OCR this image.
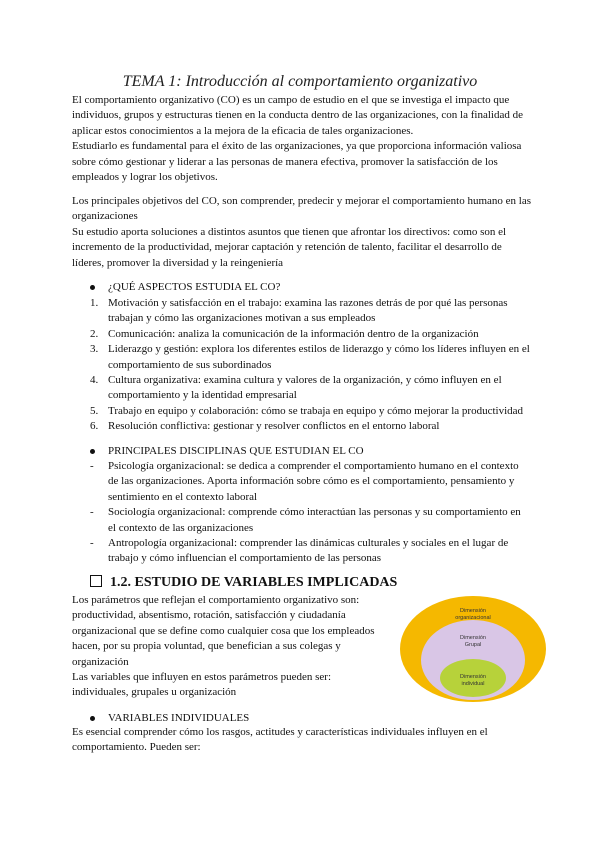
TEMA 1: Introducción al comportamiento organizativo

El comportamiento organizativo (CO) es un campo de estudio en el que se investiga el impacto que individuos, grupos y estructuras tienen en la conducta dentro de las organizaciones, con la finalidad de aplicar estos conocimientos a la mejora de la eficacia de tales organizaciones.

Estudiarlo es fundamental para el éxito de las organizaciones, ya que proporciona información valiosa sobre cómo gestionar y liderar a las personas de manera efectiva, promover la satisfacción de los empleados y lograr los objetivos.

Los principales objetivos del CO, son comprender, predecir y mejorar el comportamiento humano en las organizaciones

Su estudio aporta soluciones a distintos asuntos que tienen que afrontar los directivos: como son el incremento de la productividad, mejorar captación y retención de talento, facilitar el desarrollo de líderes, promover la diversidad y la reingeniería

¿QUÉ ASPECTOS ESTUDIA EL CO?
1. Motivación y satisfacción en el trabajo: examina las razones detrás de por qué las personas trabajan y cómo las organizaciones motivan a sus empleados
2. Comunicación: analiza la comunicación de la información dentro de la organización
3. Liderazgo y gestión: explora los diferentes estilos de liderazgo y cómo los líderes influyen en el comportamiento de sus subordinados
4. Cultura organizativa: examina cultura y valores de la organización, y cómo influyen en el comportamiento y la identidad empresarial
5. Trabajo en equipo y colaboración: cómo se trabaja en equipo y cómo mejorar la productividad
6. Resolución conflictiva: gestionar y resolver conflictos en el entorno laboral
PRINCIPALES DISCIPLINAS QUE ESTUDIAN EL CO
- Psicología organizacional: se dedica a comprender el comportamiento humano en el contexto de las organizaciones. Aporta información sobre cómo es el comportamiento, pensamiento y sentimiento en el contexto laboral
- Sociología organizacional: comprende cómo interactúan las personas y su comportamiento en el contexto de las organizaciones
- Antropología organizacional: comprender las dinámicas culturales y sociales en el lugar de trabajo y cómo influencian el comportamiento de las personas
1.2. ESTUDIO DE VARIABLES IMPLICADAS

Los parámetros que reflejan el comportamiento organizativo son: productividad, absentismo, rotación, satisfacción y ciudadanía organizacional que se define como cualquier cosa que los empleados hacen, por su propia voluntad, que benefician a sus colegas y organización

Las variables que influyen en estos parámetros pueden ser: individuales, grupales u organización

Dimensión
organizacional
Dimensión
Grupal
Dimensión
individual
VARIABLES INDIVIDUALES

Es esencial comprender cómo los rasgos, actitudes y características individuales influyen en el comportamiento. Pueden ser:
